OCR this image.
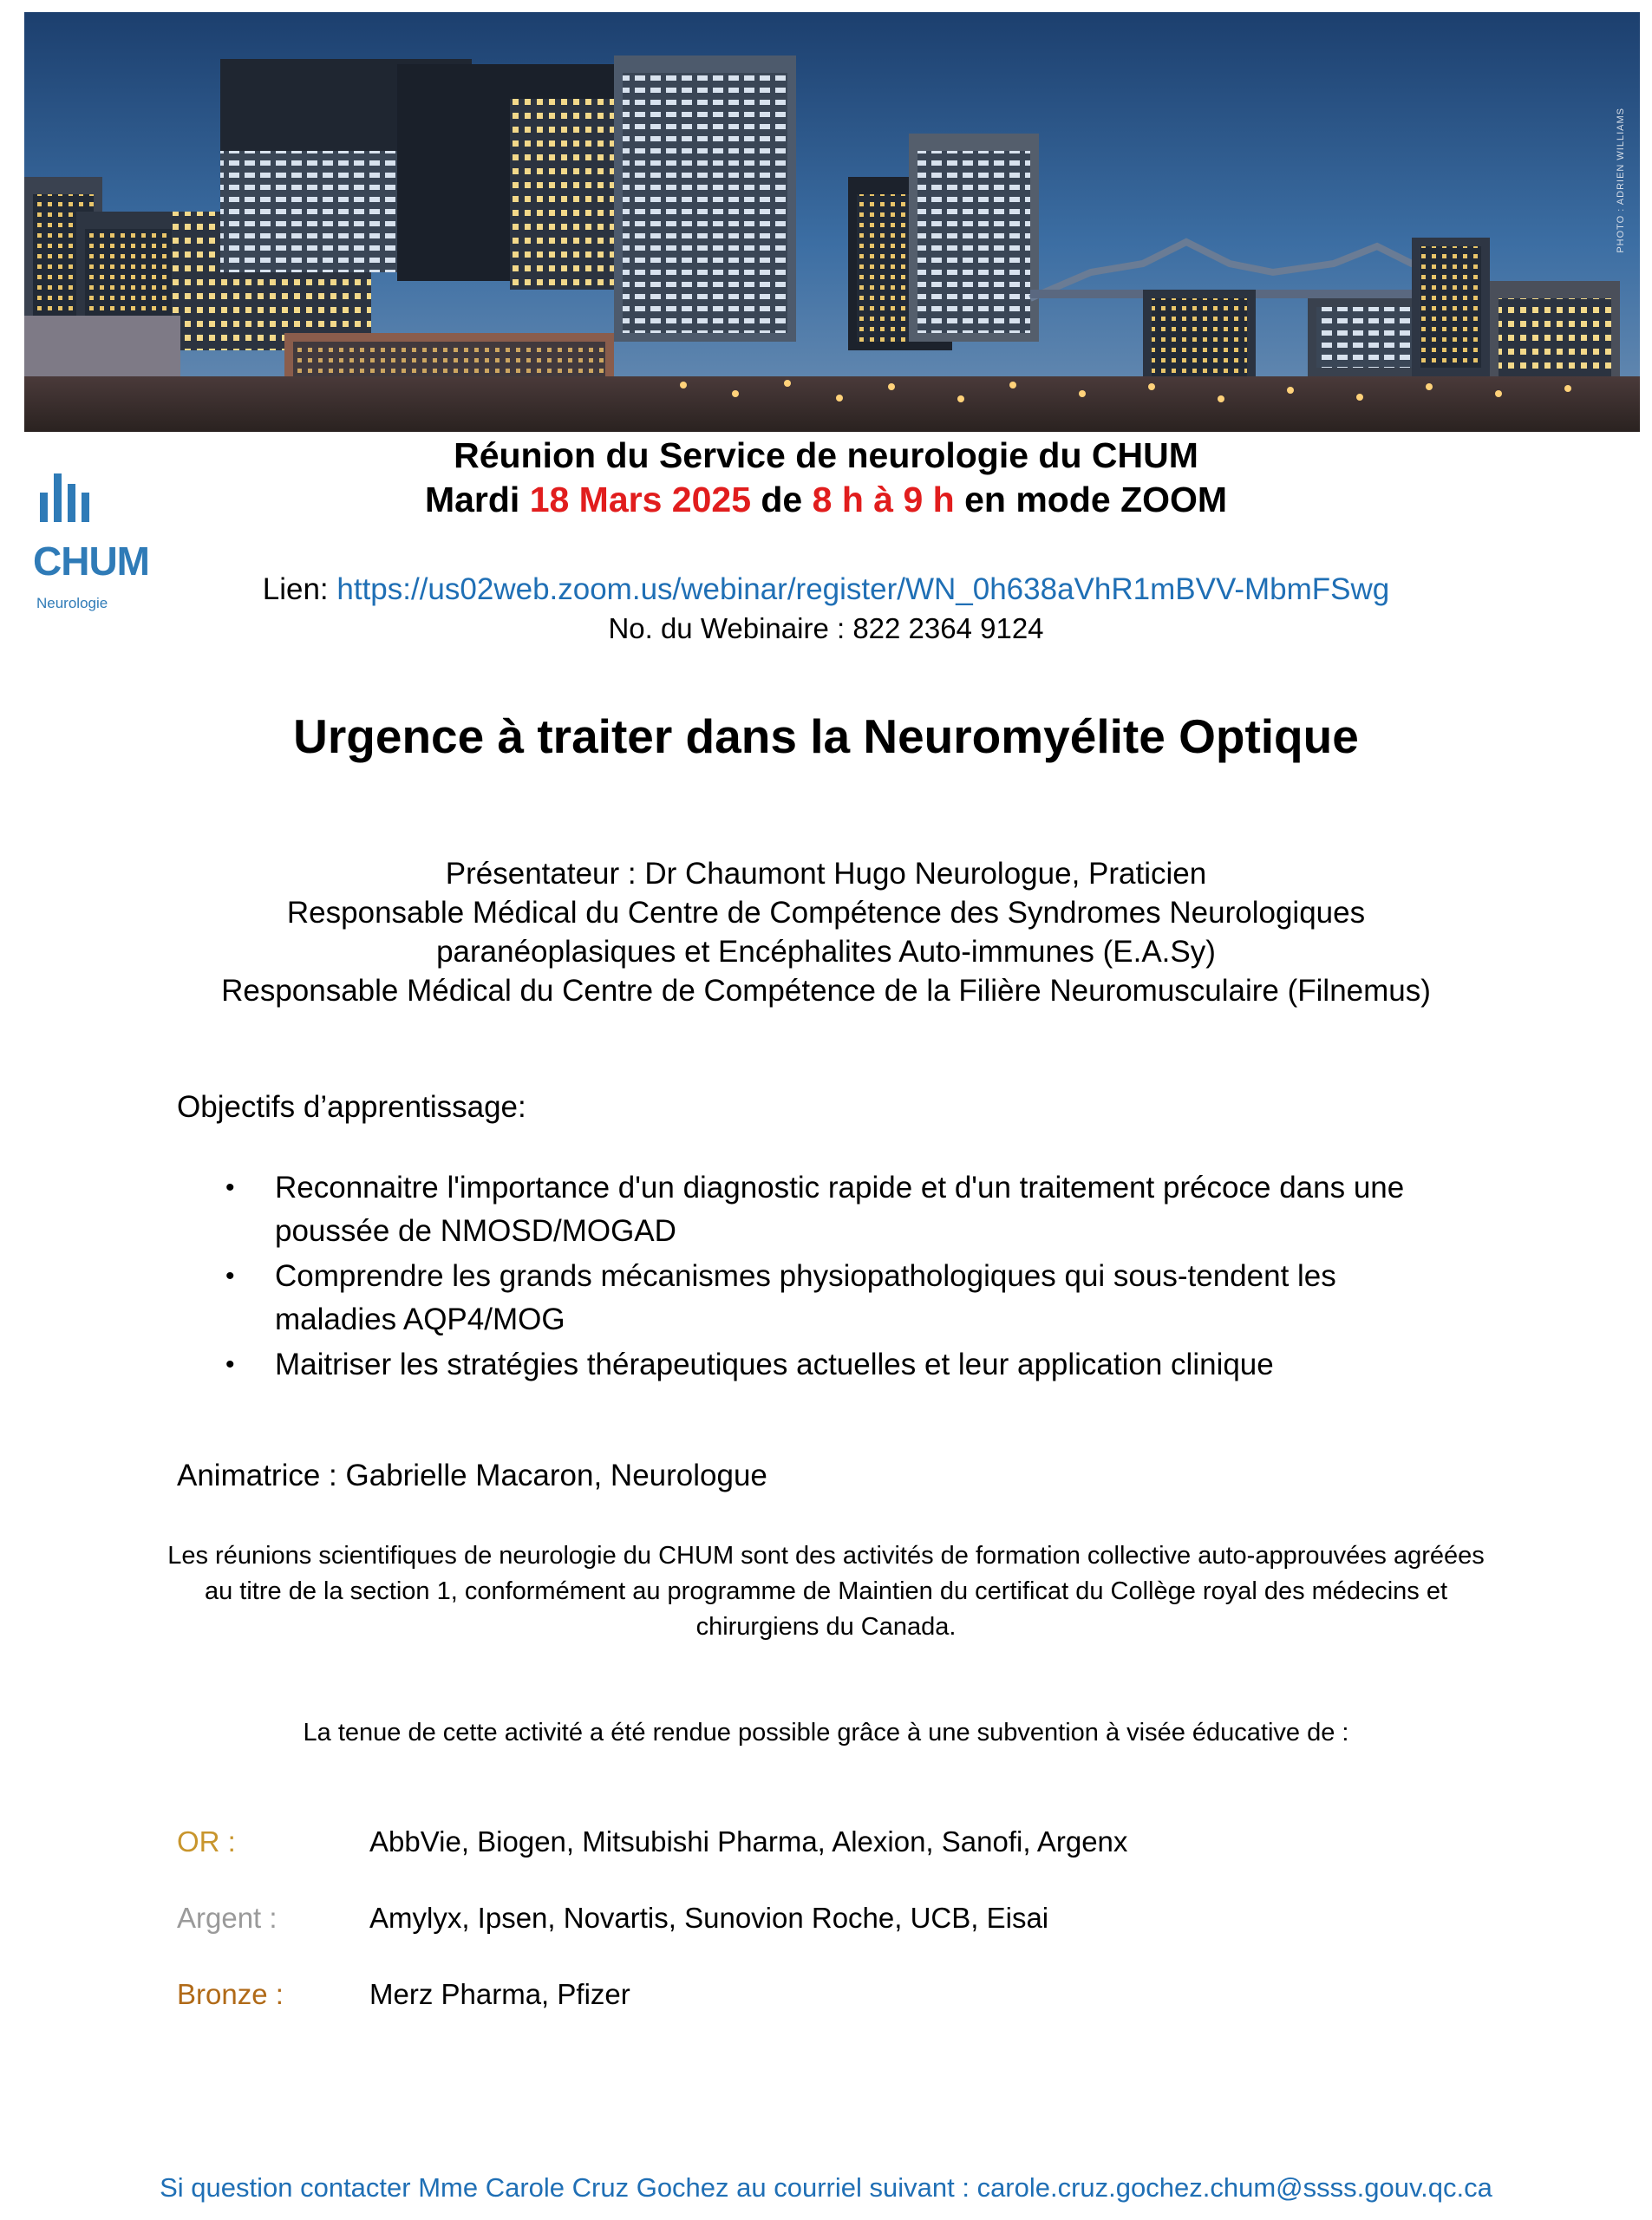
PHOTO : ADRIEN WILLIAMS
CHUM
Neurologie
Réunion du Service de neurologie du CHUM
Mardi 18 Mars 2025 de 8 h à 9 h en mode ZOOM
Lien: https://us02web.zoom.us/webinar/register/WN_0h638aVhR1mBVV-MbmFSwg
No. du Webinaire : 822 2364 9124
Urgence à traiter dans la Neuromyélite Optique
Présentateur : Dr Chaumont Hugo Neurologue, Praticien
Responsable Médical du Centre de Compétence des Syndromes Neurologiques
paranéoplasiques et Encéphalites Auto-immunes (E.A.Sy)
Responsable Médical du Centre de Compétence de la Filière Neuromusculaire (Filnemus)
Objectifs d’apprentissage:
• Reconnaitre l'importance d'un diagnostic rapide et d'un traitement précoce dans une
poussée de NMOSD/MOGAD
• Comprendre les grands mécanismes physiopathologiques qui sous-tendent les
maladies AQP4/MOG
• Maitriser les stratégies thérapeutiques actuelles et leur application clinique
Animatrice : Gabrielle Macaron, Neurologue
Les réunions scientifiques de neurologie du CHUM sont des activités de formation collective auto-approuvées agréées
au titre de la section 1, conformément au programme de Maintien du certificat du Collège royal des médecins et
chirurgiens du Canada.
La tenue de cette activité a été rendue possible grâce à une subvention à visée éducative de :
OR :	AbbVie, Biogen, Mitsubishi Pharma, Alexion, Sanofi, Argenx
Argent :	Amylyx, Ipsen, Novartis, Sunovion Roche, UCB, Eisai
Bronze :	Merz Pharma, Pfizer
Si question contacter Mme Carole Cruz Gochez au courriel suivant : carole.cruz.gochez.chum@ssss.gouv.qc.ca
